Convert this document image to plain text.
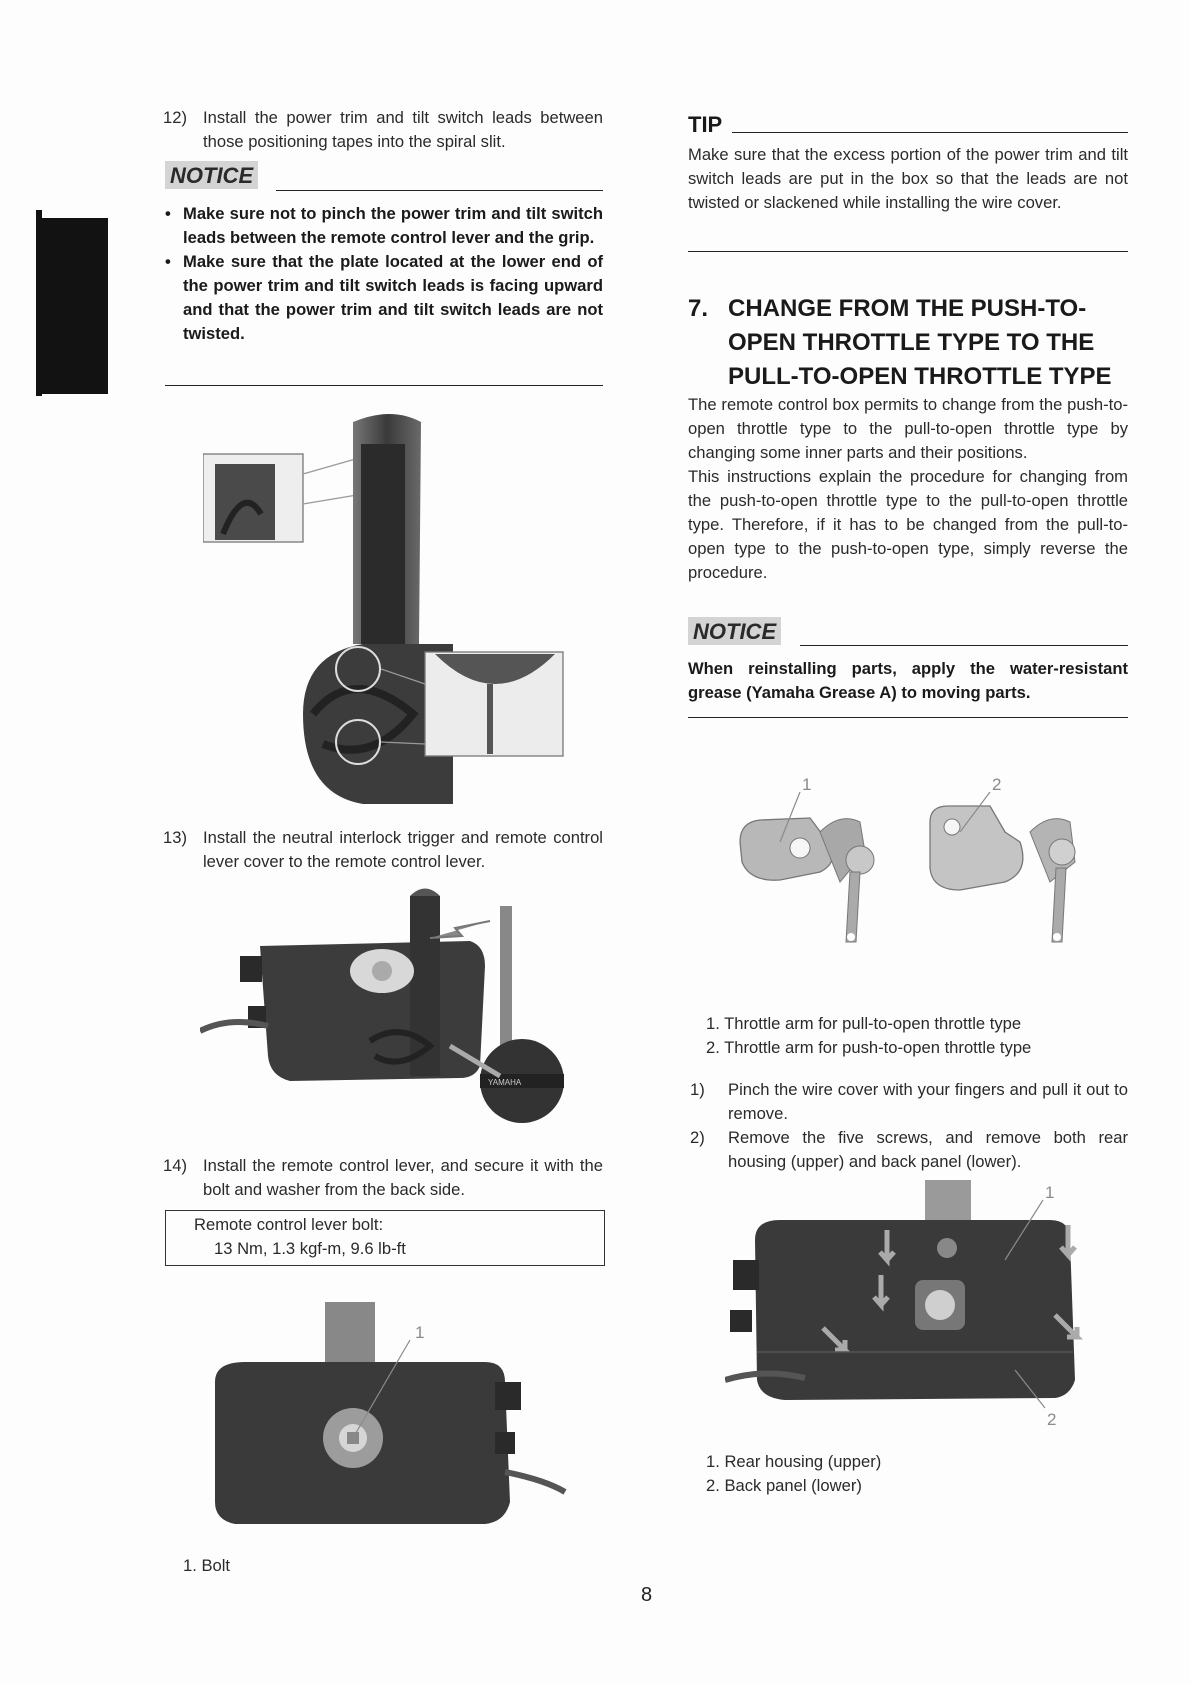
12) Install the power trim and tilt switch leads between those positioning tapes into the spiral slit.
NOTICE
• Make sure not to pinch the power trim and tilt switch leads between the remote control lever and the grip.
• Make sure that the plate located at the lower end of the power trim and tilt switch leads is facing upward and that the power trim and tilt switch leads are not twisted.
13) Install the neutral interlock trigger and remote control lever cover to the remote control lever.
YAMAHA
14) Install the remote control lever, and secure it with the bolt and washer from the back side.
Remote control lever bolt:
13 Nm, 1.3 kgf-m, 9.6 lb-ft
1
1. Bolt
TIP
Make sure that the excess portion of the power trim and tilt switch leads are put in the box so that the leads are not twisted or slackened while installing the wire cover.
7. CHANGE FROM THE PUSH-TO-
OPEN THROTTLE TYPE TO THE
PULL-TO-OPEN THROTTLE TYPE
The remote control box permits to change from the push-to-open throttle type to the pull-to-open throttle type by changing some inner parts and their positions.
This instructions explain the procedure for changing from the push-to-open throttle type to the pull-to-open throttle type. Therefore, if it has to be changed from the pull-to-open type to the push-to-open type, simply reverse the procedure.
NOTICE
When reinstalling parts, apply the water-resistant grease (Yamaha Grease A) to moving parts.
1	2
1. Throttle arm for pull-to-open throttle type
2. Throttle arm for push-to-open throttle type
1) Pinch the wire cover with your fingers and pull it out to remove.
2) Remove the five screws, and remove both rear housing (upper) and back panel (lower).
1
2
1. Rear housing (upper)
2. Back panel (lower)
8
